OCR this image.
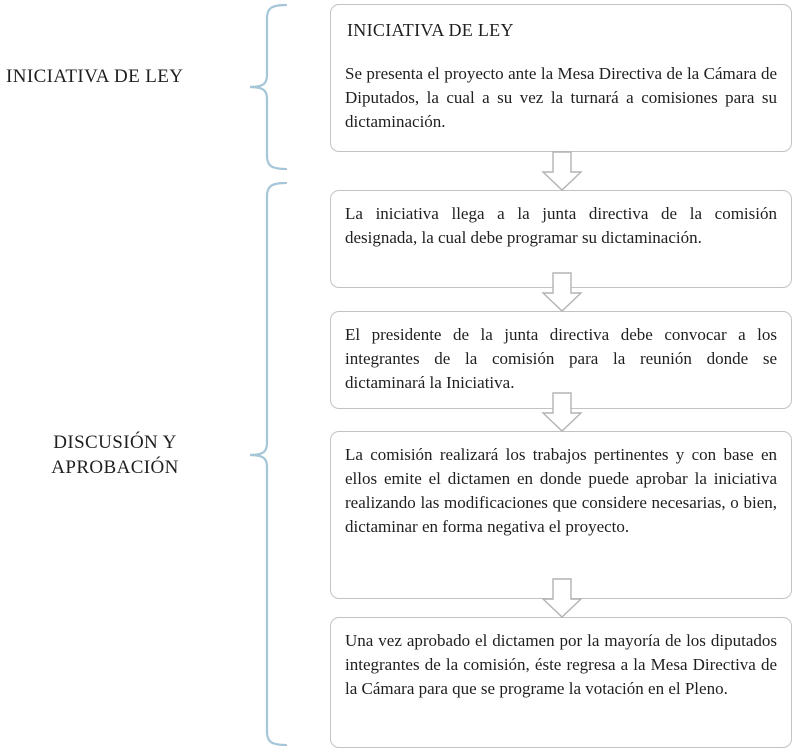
INICIATIVA DE LEY
DISCUSIÓN Y APROBACIÓN
INICIATIVA DE LEY

Se presenta el proyecto ante la Mesa Directiva de la Cámara de Diputados, la cual a su vez la turnará a comisiones para su dictaminación.

La iniciativa llega a la junta directiva de la comisión designada, la cual debe programar su dictaminación.

El presidente de la junta directiva debe convocar a los integrantes de la comisión para la reunión donde se dictaminará la Iniciativa.

La comisión realizará los trabajos pertinentes y con base en ellos emite el dictamen en donde puede aprobar la iniciativa realizando las modificaciones que considere necesarias, o bien, dictaminar en forma negativa el proyecto.

Una vez aprobado el dictamen por la mayoría de los diputados integrantes de la comisión, éste regresa a la Mesa Directiva de la Cámara para que se programe la votación en el Pleno.
